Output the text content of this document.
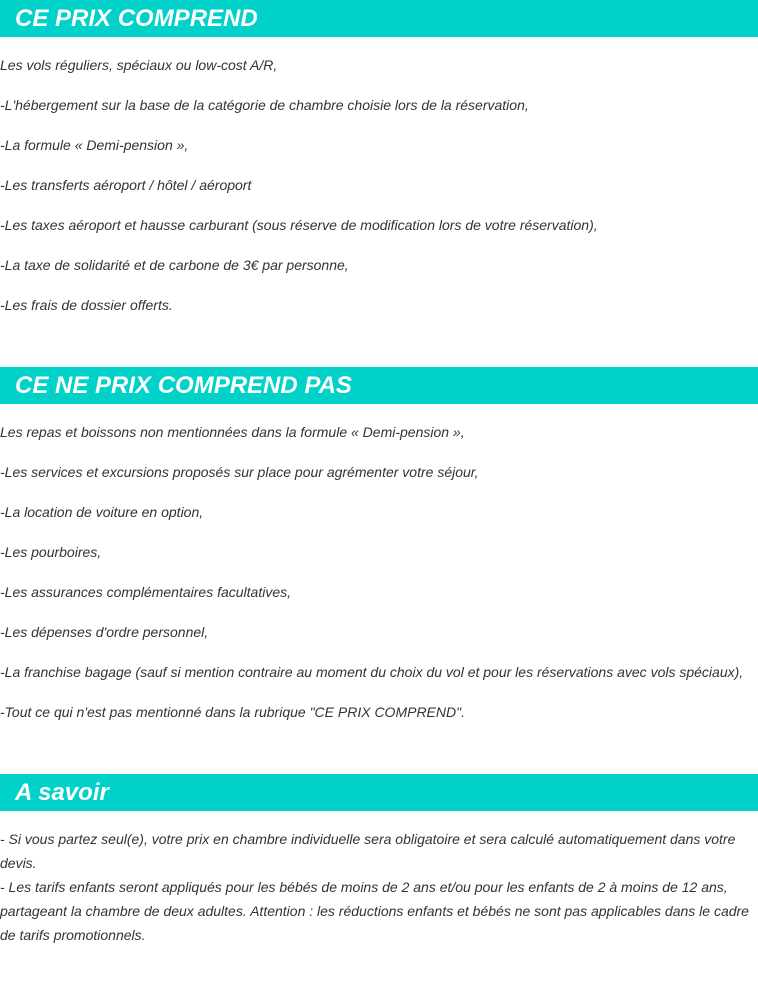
CE PRIX COMPREND
Les vols réguliers, spéciaux ou low-cost A/R,
-L'hébergement sur la base de la catégorie de chambre choisie lors de la réservation,
-La formule « Demi-pension »,
-Les transferts aéroport / hôtel / aéroport
-Les taxes aéroport et hausse carburant (sous réserve de modification lors de votre réservation),
-La taxe de solidarité et de carbone de 3€ par personne,
-Les frais de dossier offerts.
CE NE PRIX COMPREND PAS
Les repas et boissons non mentionnées dans la formule « Demi-pension »,
-Les services et excursions proposés sur place pour agrémenter votre séjour,
-La location de voiture en option,
-Les pourboires,
-Les assurances complémentaires facultatives,
-Les dépenses d'ordre personnel,
-La franchise bagage (sauf si mention contraire au moment du choix du vol et pour les réservations avec vols spéciaux),
-Tout ce qui n'est pas mentionné dans la rubrique "CE PRIX COMPREND".
A savoir
- Si vous partez seul(e), votre prix en chambre individuelle sera obligatoire et sera calculé automatiquement dans votre devis.
- Les tarifs enfants seront appliqués pour les bébés de moins de 2 ans et/ou pour les enfants de 2 à moins de 12 ans, partageant la chambre de deux adultes. Attention : les réductions enfants et bébés ne sont pas applicables dans le cadre de tarifs promotionnels.
